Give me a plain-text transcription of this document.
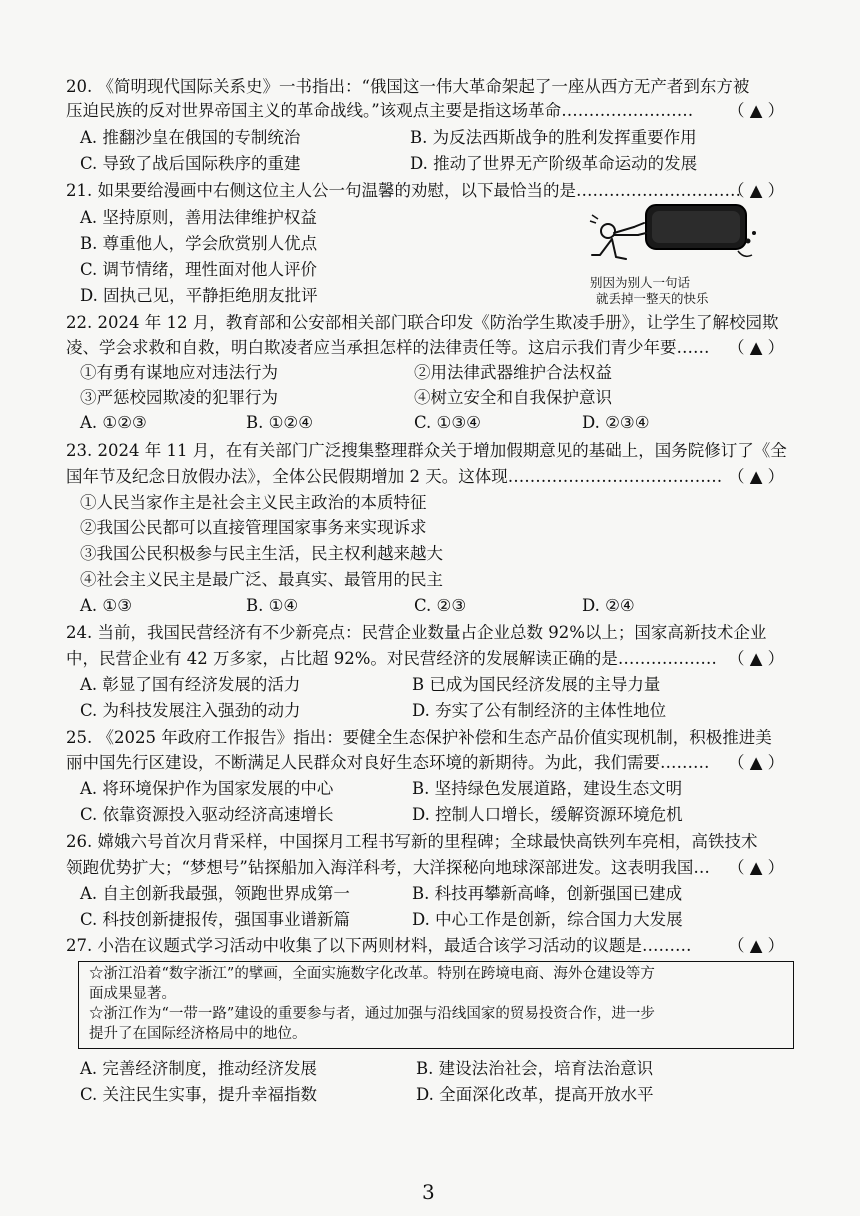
20. 《简明现代国际关系史》一书指出：“俄国这一伟大革命架起了一座从西方无产者到东方被
压迫民族的反对世界帝国主义的革命战线。”该观点主要是指这场革命…………………… （ ▲ ）
A. 推翻沙皇在俄国的专制统治	B. 为反法西斯战争的胜利发挥重要作用
C. 导致了战后国际秩序的重建	D. 推动了世界无产阶级革命运动的发展
21. 如果要给漫画中右侧这位主人公一句温馨的劝慰，以下最恰当的是…………………………
（ ▲ ）
A. 坚持原则，善用法律维护权益
B. 尊重他人，学会欣赏别人优点
C. 调节情绪，理性面对他人评价
D. 固执己见，平静拒绝朋友批评
别因为别人一句话
就丢掉一整天的快乐
22. 2024 年 12 月，教育部和公安部相关部门联合印发《防治学生欺凌手册》，让学生了解校园欺
凌、学会求救和自救，明白欺凌者应当承担怎样的法律责任等。这启示我们青少年要…… （ ▲ ）
①有勇有谋地应对违法行为	②用法律武器维护合法权益
③严惩校园欺凌的犯罪行为	④树立安全和自我保护意识
A. ①②③	B. ①②④	C. ①③④	D. ②③④
23. 2024 年 11 月，在有关部门广泛搜集整理群众关于增加假期意见的基础上，国务院修订了《全
国年节及纪念日放假办法》，全体公民假期增加 2 天。这体现………………………………… （ ▲ ）
①人民当家作主是社会主义民主政治的本质特征
②我国公民都可以直接管理国家事务来实现诉求
③我国公民积极参与民主生活，民主权利越来越大
④社会主义民主是最广泛、最真实、最管用的民主
A. ①③	B. ①④	C. ②③	D. ②④
24. 当前，我国民营经济有不少新亮点：民营企业数量占企业总数 92%以上；国家高新技术企业
中，民营企业有 42 万多家，占比超 92%。对民营经济的发展解读正确的是……………… （ ▲ ）
A. 彰显了国有经济发展的活力	B 已成为国民经济发展的主导力量
C. 为科技发展注入强劲的动力	D. 夯实了公有制经济的主体性地位
25. 《2025 年政府工作报告》指出：要健全生态保护补偿和生态产品价值实现机制，积极推进美
丽中国先行区建设，不断满足人民群众对良好生态环境的新期待。为此，我们需要……… （ ▲ ）
A. 将环境保护作为国家发展的中心	B. 坚持绿色发展道路，建设生态文明
C. 依靠资源投入驱动经济高速增长	D. 控制人口增长，缓解资源环境危机
26. 嫦娥六号首次月背采样，中国探月工程书写新的里程碑；全球最快高铁列车亮相，高铁技术
领跑优势扩大；“梦想号”钻探船加入海洋科考，大洋探秘向地球深部进发。这表明我国… （ ▲ ）
A. 自主创新我最强，领跑世界成第一	B. 科技再攀新高峰，创新强国已建成
C. 科技创新捷报传，强国事业谱新篇	D. 中心工作是创新，综合国力大发展
27. 小浩在议题式学习活动中收集了以下两则材料，最适合该学习活动的议题是……… （ ▲ ）
☆浙江沿着“数字浙江”的擘画，全面实施数字化改革。特别在跨境电商、海外仓建设等方
面成果显著。
☆浙江作为“一带一路”建设的重要参与者，通过加强与沿线国家的贸易投资合作，进一步
提升了在国际经济格局中的地位。
A. 完善经济制度，推动经济发展	B. 建设法治社会，培育法治意识
C. 关注民生实事，提升幸福指数	D. 全面深化改革，提高开放水平
3
